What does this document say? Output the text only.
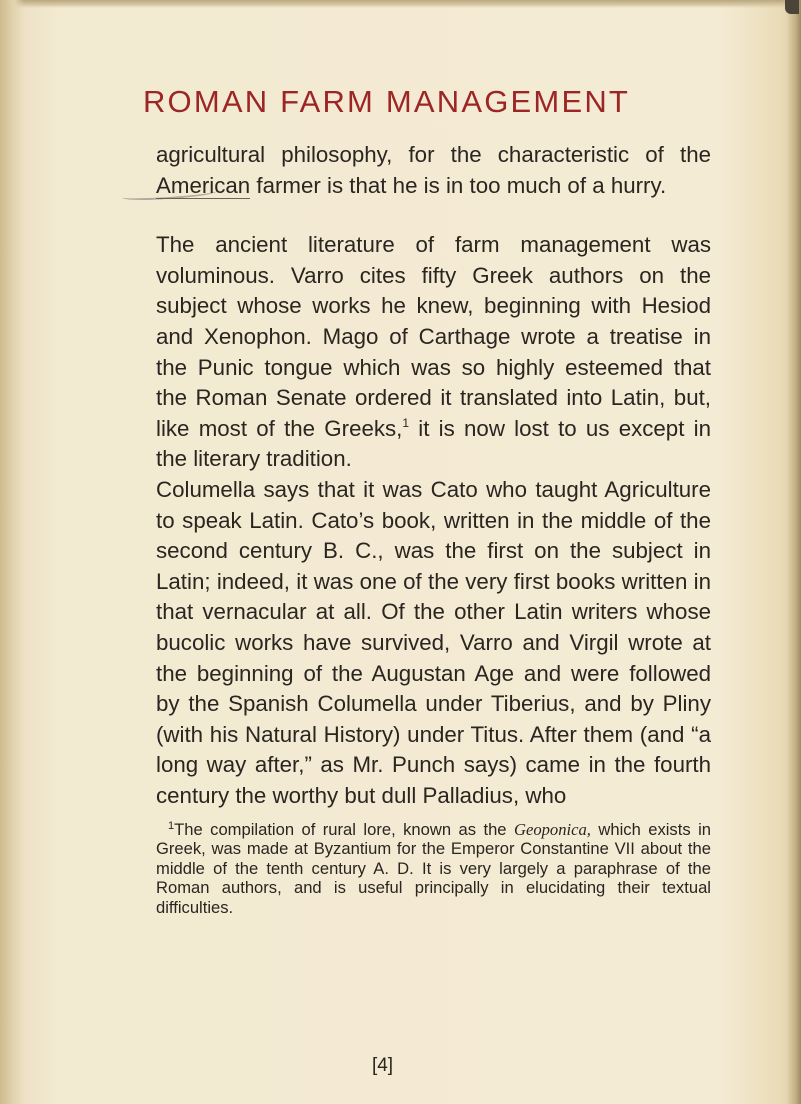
ROMAN FARM MANAGEMENT

agricultural philosophy, for the characteristic of the American farmer is that he is in too much of a hurry.

The ancient literature of farm management was voluminous. Varro cites fifty Greek authors on the subject whose works he knew, beginning with Hesiod and Xenophon. Mago of Carthage wrote a treatise in the Punic tongue which was so highly esteemed that the Roman Senate ordered it translated into Latin, but, like most of the Greeks,$^1$ it is now lost to us except in the literary tradition.

Columella says that it was Cato who taught Agriculture to speak Latin. Cato’s book, written in the middle of the second century B. C., was the first on the subject in Latin; indeed, it was one of the very first books written in that vernacular at all. Of the other Latin writers whose bucolic works have survived, Varro and Virgil wrote at the beginning of the Augustan Age and were followed by the Spanish Columella under Tiberius, and by Pliny (with his Natural History) under Titus. After them (and “a long way after,” as Mr. Punch says) came in the fourth century the worthy but dull Palladius, who

$^1$The compilation of rural lore, known as the Geoponica, which exists in Greek, was made at Byzantium for the Emperor Constantine VII about the middle of the tenth century A. D. It is very largely a paraphrase of the Roman authors, and is useful principally in elucidating their textual difficulties.

[4]
